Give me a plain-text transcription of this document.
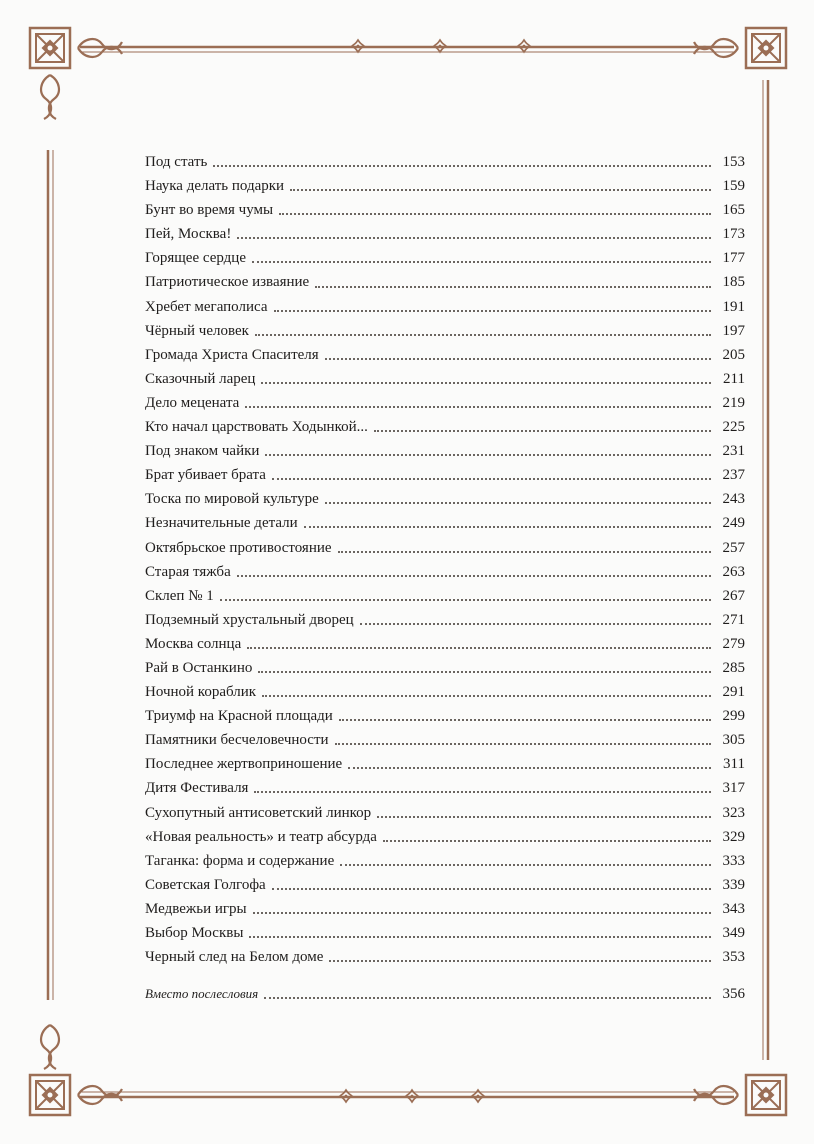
Под стать	153
Наука делать подарки	159
Бунт во время чумы	165
Пей, Москва!	173
Горящее сердце	177
Патриотическое изваяние	185
Хребет мегаполиса	191
Чёрный человек	197
Громада Христа Спасителя	205
Сказочный ларец	211
Дело мецената	219
Кто начал царствовать Ходынкой...	225
Под знаком чайки	231
Брат убивает брата	237
Тоска по мировой культуре	243
Незначительные детали	249
Октябрьское противостояние	257
Старая тяжба	263
Склеп № 1	267
Подземный хрустальный дворец	271
Москва солнца	279
Рай в Останкино	285
Ночной кораблик	291
Триумф на Красной площади	299
Памятники бесчеловечности	305
Последнее жертвоприношение	311
Дитя Фестиваля	317
Сухопутный антисоветский линкор	323
«Новая реальность» и театр абсурда	329
Таганка: форма и содержание	333
Советская Голгофа	339
Медвежьи игры	343
Выбор Москвы	349
Черный след на Белом доме	353
Вместо послесловия	356
